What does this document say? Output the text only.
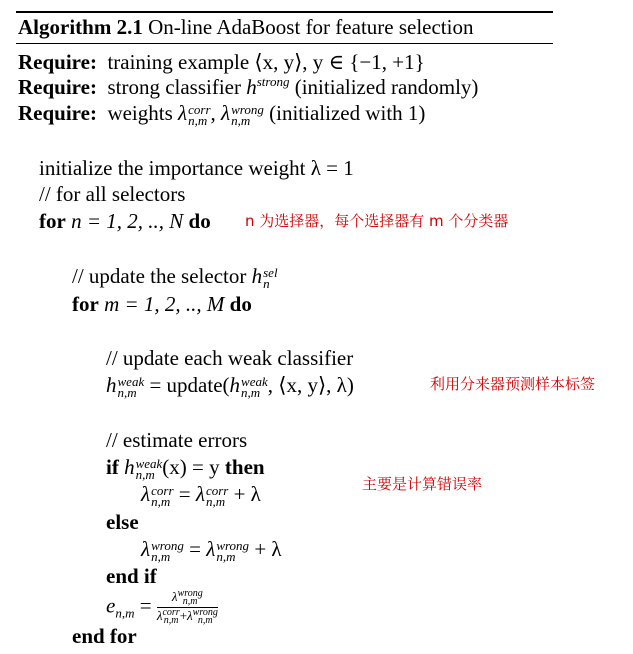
Algorithm 2.1 On-line AdaBoost for feature selection
Require: training example ⟨x, y⟩, y ∈ {−1, +1}
Require: strong classifier $h^{strong}$ (initialized randomly)
Require: weights λ corr
n,m , λ wrong
n,m (initialized with 1)
initialize the importance weight λ = 1
// for all selectors
for n = 1, 2, .., N do n 为选择器，每个选择器有 m 个分类器
// update the selector h sel
n
for m = 1, 2, .., M do
// update each weak classifier
h weak
n,m = update(h weak
n,m , ⟨x, y⟩, λ)	利用分来器预测样本标签
// estimate errors
if h weak
n,m (x) = y then
主要是计算错误率
λ corr
n,m = λ corr
n,m + λ
else
λ wrong
n,m = λ wrong
n,m + λ
end if
$e_{n,m} = \lambda$ wrong
n,m
λ corr
n,m +λ wrong
n,m
end for
